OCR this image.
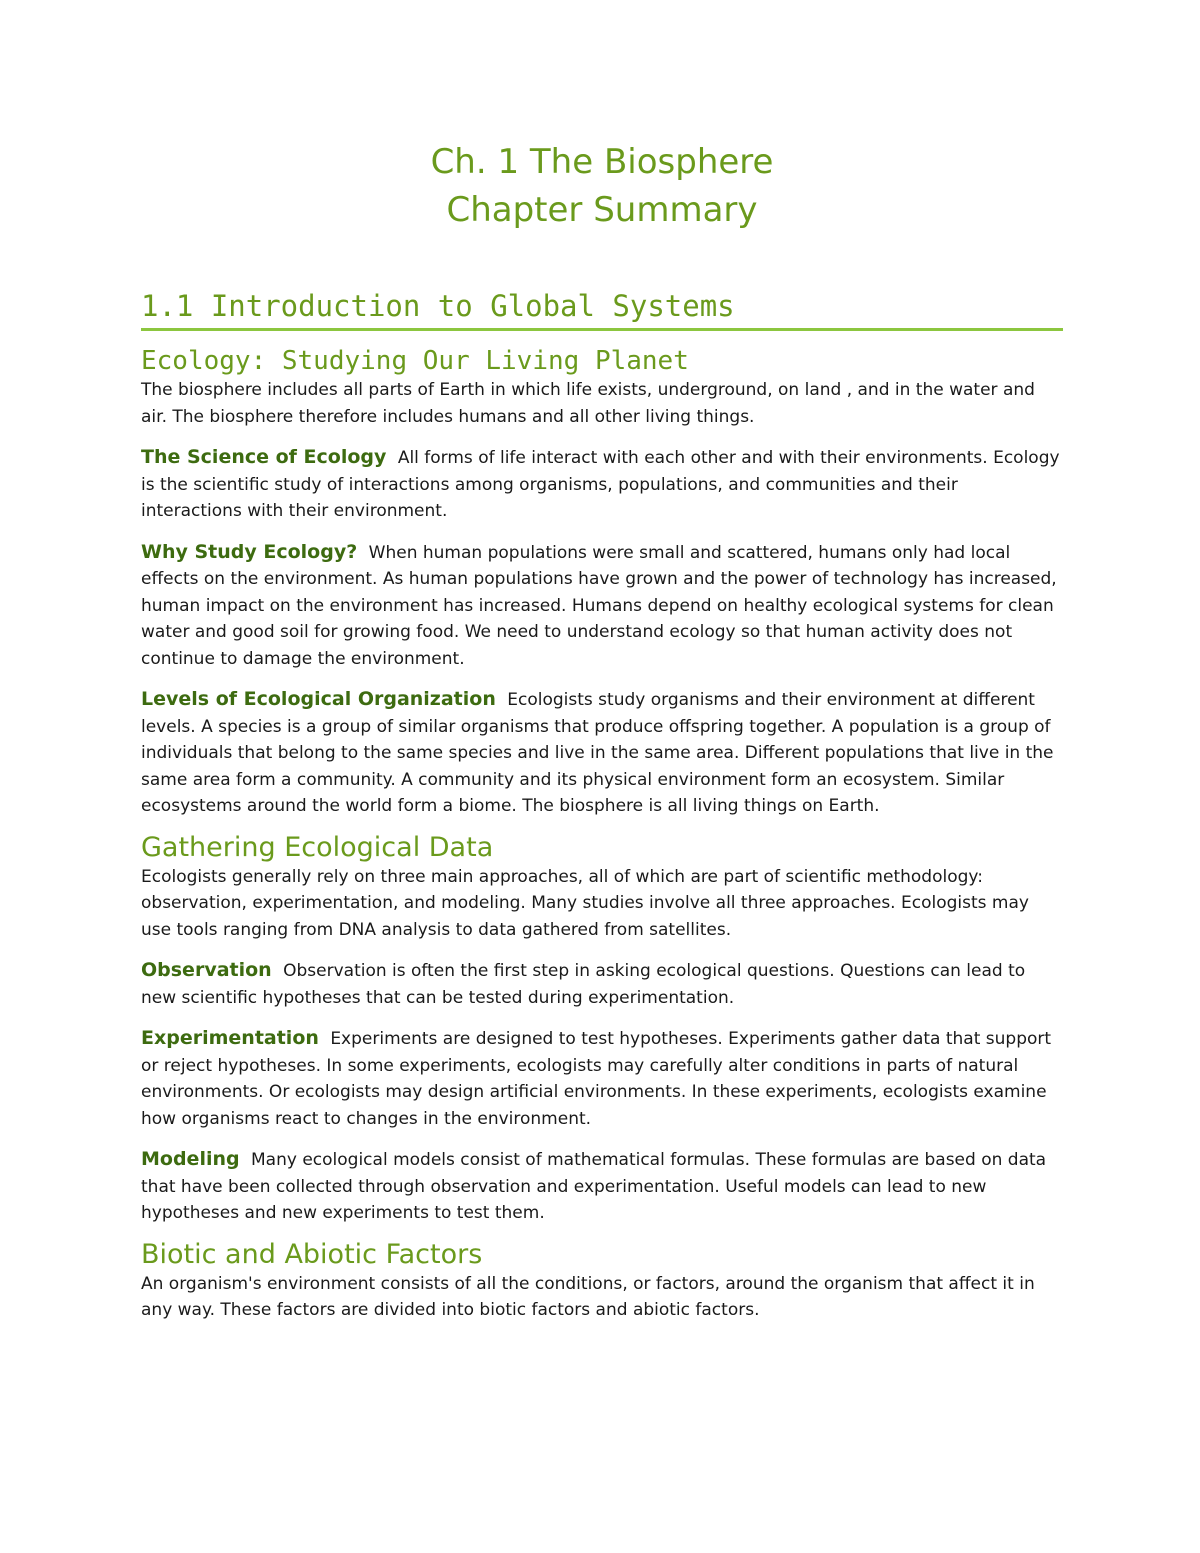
Ch. 1 The Biosphere
Chapter Summary
1.1 Introduction to Global Systems
Ecology: Studying Our Living Planet

The biosphere includes all parts of Earth in which life exists, underground, on land , and in the water and air. The biosphere therefore includes humans and all other living things.

The Science of Ecology All forms of life interact with each other and with their environments. Ecology is the scientific study of interactions among organisms, populations, and communities and their interactions with their environment.

Why Study Ecology? When human populations were small and scattered, humans only had local effects on the environment. As human populations have grown and the power of technology has increased, human impact on the environment has increased. Humans depend on healthy ecological systems for clean water and good soil for growing food. We need to understand ecology so that human activity does not continue to damage the environment.

Levels of Ecological Organization Ecologists study organisms and their environment at different levels. A species is a group of similar organisms that produce offspring together. A population is a group of individuals that belong to the same species and live in the same area. Different populations that live in the same area form a community. A community and its physical environment form an ecosystem. Similar ecosystems around the world form a biome. The biosphere is all living things on Earth.

Gathering Ecological Data

Ecologists generally rely on three main approaches, all of which are part of scientific methodology: observation, experimentation, and modeling. Many studies involve all three approaches. Ecologists may use tools ranging from DNA analysis to data gathered from satellites.

Observation Observation is often the first step in asking ecological questions. Questions can lead to new scientific hypotheses that can be tested during experimentation.

Experimentation Experiments are designed to test hypotheses. Experiments gather data that support or reject hypotheses. In some experiments, ecologists may carefully alter conditions in parts of natural environments. Or ecologists may design artificial environments. In these experiments, ecologists examine how organisms react to changes in the environment.

Modeling Many ecological models consist of mathematical formulas. These formulas are based on data that have been collected through observation and experimentation. Useful models can lead to new hypotheses and new experiments to test them.

Biotic and Abiotic Factors

An organism's environment consists of all the conditions, or factors, around the organism that affect it in any way. These factors are divided into biotic factors and abiotic factors.
